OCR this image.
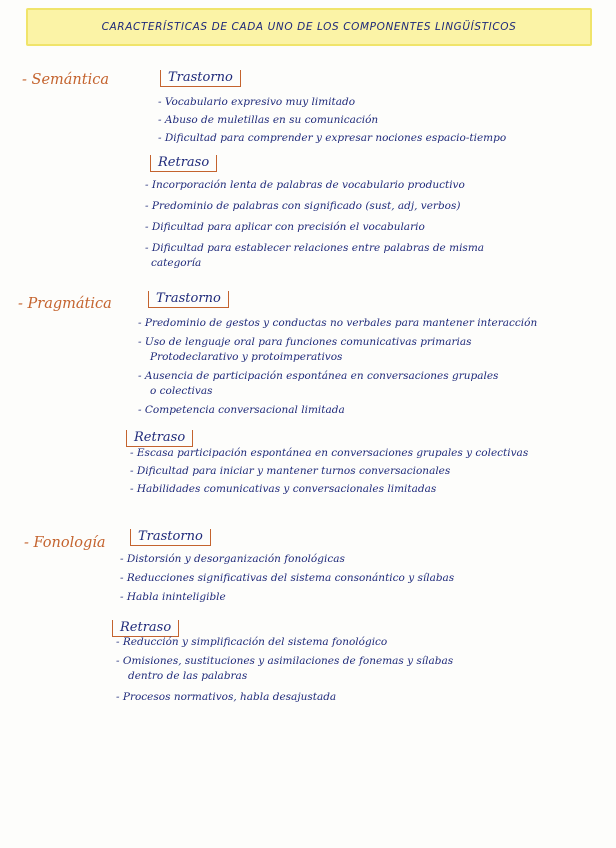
CARACTERÍSTICAS DE CADA UNO DE LOS COMPONENTES LINGÜÍSTICOS
- Semántica	Trastorno
- Vocabulario expresivo muy limitado
- Abuso de muletillas en su comunicación
- Dificultad para comprender y expresar nociones espacio-tiempo
Retraso
- Incorporación lenta de palabras de vocabulario productivo
- Predominio de palabras con significado (sust, adj, verbos)
- Dificultad para aplicar con precisión el vocabulario
- Dificultad para establecer relaciones entre palabras de misma
categoría
- Pragmática	Trastorno
- Predominio de gestos y conductas no verbales para mantener interacción
- Uso de lenguaje oral para funciones comunicativas primarias
Protodeclarativo y protoimperativos
- Ausencia de participación espontánea en conversaciones grupales
o colectivas
- Competencia conversacional limitada
Retraso
- Escasa participación espontánea en conversaciones grupales y colectivas
- Dificultad para iniciar y mantener turnos conversacionales
- Habilidades comunicativas y conversacionales limitadas
- Fonología	Trastorno
- Distorsión y desorganización fonológicas
- Reducciones significativas del sistema consonántico y sílabas
- Habla ininteligible
Retraso
- Reducción y simplificación del sistema fonológico
- Omisiones, sustituciones y asimilaciones de fonemas y sílabas
dentro de las palabras
- Procesos normativos, habla desajustada
